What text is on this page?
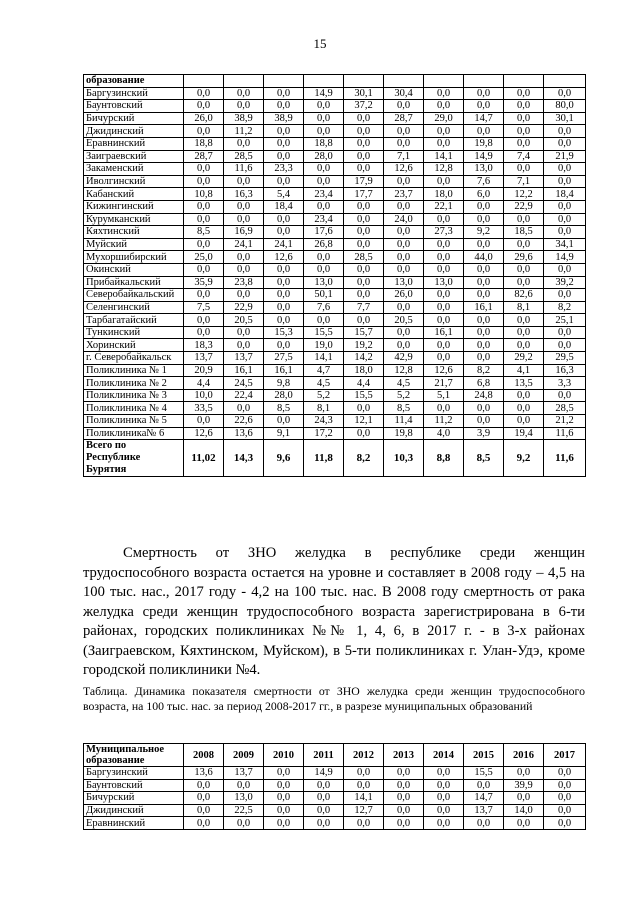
15
образование										
Баргузинский	0,0	0,0	0,0	14,9	30,1	30,4	0,0	0,0	0,0	0,0
Баунтовский	0,0	0,0	0,0	0,0	37,2	0,0	0,0	0,0	0,0	80,0
Бичурский	26,0	38,9	38,9	0,0	0,0	28,7	29,0	14,7	0,0	30,1
Джидинский	0,0	11,2	0,0	0,0	0,0	0,0	0,0	0,0	0,0	0,0
Еравнинский	18,8	0,0	0,0	18,8	0,0	0,0	0,0	19,8	0,0	0,0
Заиграевский	28,7	28,5	0,0	28,0	0,0	7,1	14,1	14,9	7,4	21,9
Закаменский	0,0	11,6	23,3	0,0	0,0	12,6	12,8	13,0	0,0	0,0
Иволгинский	0,0	0,0	0,0	0,0	17,9	0,0	0,0	7,6	7,1	0,0
Кабанский	10,8	16,3	5,4	23,4	17,7	23,7	18,0	6,0	12,2	18,4
Кижингинский	0,0	0,0	18,4	0,0	0,0	0,0	22,1	0,0	22,9	0,0
Курумканский	0,0	0,0	0,0	23,4	0,0	24,0	0,0	0,0	0,0	0,0
Кяхтинский	8,5	16,9	0,0	17,6	0,0	0,0	27,3	9,2	18,5	0,0
Муйский	0,0	24,1	24,1	26,8	0,0	0,0	0,0	0,0	0,0	34,1
Мухоршибирский	25,0	0,0	12,6	0,0	28,5	0,0	0,0	44,0	29,6	14,9
Окинский	0,0	0,0	0,0	0,0	0,0	0,0	0,0	0,0	0,0	0,0
Прибайкальский	35,9	23,8	0,0	13,0	0,0	13,0	13,0	0,0	0,0	39,2
Северобайкальский	0,0	0,0	0,0	50,1	0,0	26,0	0,0	0,0	82,6	0,0
Селенгинский	7,5	22,9	0,0	7,6	7,7	0,0	0,0	16,1	8,1	8,2
Тарбагатайский	0,0	20,5	0,0	0,0	0,0	20,5	0,0	0,0	0,0	25,1
Тункинский	0,0	0,0	15,3	15,5	15,7	0,0	16,1	0,0	0,0	0,0
Хоринский	18,3	0,0	0,0	19,0	19,2	0,0	0,0	0,0	0,0	0,0
г. Северобайкальск	13,7	13,7	27,5	14,1	14,2	42,9	0,0	0,0	29,2	29,5
Поликлиника № 1	20,9	16,1	16,1	4,7	18,0	12,8	12,6	8,2	4,1	16,3
Поликлиника № 2	4,4	24,5	9,8	4,5	4,4	4,5	21,7	6,8	13,5	3,3
Поликлиника № 3	10,0	22,4	28,0	5,2	15,5	5,2	5,1	24,8	0,0	0,0
Поликлиника № 4	33,5	0,0	8,5	8,1	0,0	8,5	0,0	0,0	0,0	28,5
Поликлиника № 5	0,0	22,6	0,0	24,3	12,1	11,4	11,2	0,0	0,0	21,2
Поликлиника№ 6	12,6	13,6	9,1	17,2	0,0	19,8	4,0	3,9	19,4	11,6
Всего по Республике Бурятия	11,02	14,3	9,6	11,8	8,2	10,3	8,8	8,5	9,2	11,6

Смертность от ЗНО желудка в республике среди женщин трудоспособного возраста остается на уровне и составляет в 2008 году – 4,5 на 100 тыс. нас., 2017 году - 4,2 на 100 тыс. нас. В 2008 году смертность от рака желудка среди женщин трудоспособного возраста зарегистрирована в 6-ти районах, городских поликлиниках №№ 1, 4, 6, в 2017 г. - в 3-х районах (Заиграевском, Кяхтинском, Муйском), в 5-ти поликлиниках г. Улан-Удэ, кроме городской поликлиники №4.

Таблица. Динамика показателя смертности от ЗНО желудка среди женщин трудоспособного возраста, на 100 тыс. нас. за период 2008-2017 гг., в разрезе муниципальных образований

Муниципальное образование	2008	2009	2010	2011	2012	2013	2014	2015	2016	2017
Баргузинский	13,6	13,7	0,0	14,9	0,0	0,0	0,0	15,5	0,0	0,0
Баунтовский	0,0	0,0	0,0	0,0	0,0	0,0	0,0	0,0	39,9	0,0
Бичурский	0,0	13,0	0,0	0,0	14,1	0,0	0,0	14,7	0,0	0,0
Джидинский	0,0	22,5	0,0	0,0	12,7	0,0	0,0	13,7	14,0	0,0
Еравнинский	0,0	0,0	0,0	0,0	0,0	0,0	0,0	0,0	0,0	0,0
